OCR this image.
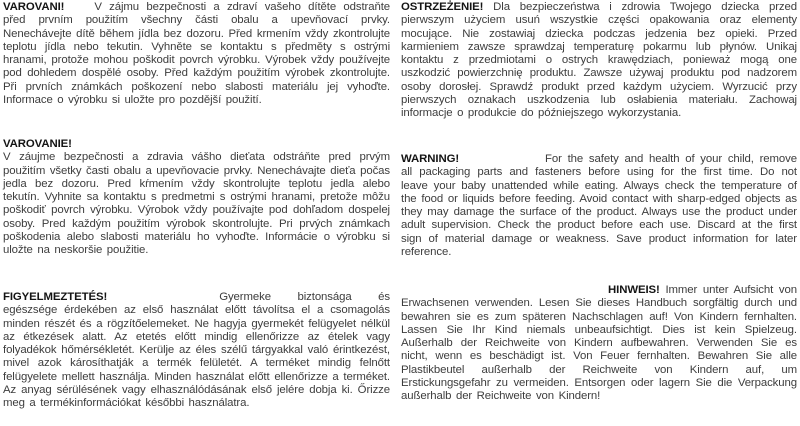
VAROVANI!	V zájmu bezpečnosti a zdraví vašeho dítěte odstraňte před prvním použitím všechny části obalu a upevňovací prvky. Nenechávejte dítě během jídla bez dozoru. Před krmením vždy zkontrolujte teplotu jídla nebo tekutin. Vyhněte se kontaktu s předměty s ostrými hranami, protože mohou poškodit povrch výrobku. Výrobek vždy používejte pod dohledem dospělé osoby. Před každým použitím výrobek zkontrolujte. Při prvních známkách poškození nebo slabosti materiálu jej vyhoďte. Informace o výrobku si uložte pro pozdější použití.

VAROVANIE!
V záujme bezpečnosti a zdravia vášho dieťata odstráňte pred prvým použitím všetky časti obalu a upevňovacie prvky. Nenechávajte dieťa počas jedla bez dozoru. Pred kŕmením vždy skontrolujte teplotu jedla alebo tekutín. Vyhnite sa kontaktu s predmetmi s ostrými hranami, pretože môžu poškodiť povrch výrobku. Výrobok vždy používajte pod dohľadom dospelej osoby. Pred každým použitím výrobok skontrolujte. Pri prvých známkach poškodenia alebo slabosti materiálu ho vyhoďte. Informácie o výrobku si uložte na neskoršie použitie.

FIGYELMEZTETÉS!	Gyermeke biztonsága és egészsége érdekében az első használat előtt távolítsa el a csomagolás minden részét és a rögzítőelemeket. Ne hagyja gyermekét felügyelet nélkül az étkezések alatt. Az etetés előtt mindig ellenőrizze az ételek vagy folyadékok hőmérsékletét. Kerülje az éles szélű tárgyakkal való érintkezést, mivel azok károsíthatják a termék felületét. A terméket mindig felnőtt felügyelete mellett használja. Minden használat előtt ellenőrizze a terméket. Az anyag sérülésének vagy elhasználódásának első jelére dobja ki. Őrizze meg a termékinformációkat későbbi használatra.

OSTRZEŻENIE! Dla bezpieczeństwa i zdrowia Twojego dziecka przed pierwszym użyciem usuń wszystkie części opakowania oraz elementy mocujące. Nie zostawiaj dziecka podczas jedzenia bez opieki. Przed karmieniem zawsze sprawdzaj temperaturę pokarmu lub płynów. Unikaj kontaktu z przedmiotami o ostrych krawędziach, ponieważ mogą one uszkodzić powierzchnię produktu. Zawsze używaj produktu pod nadzorem osoby dorosłej. Sprawdź produkt przed każdym użyciem. Wyrzucić przy pierwszych oznakach uszkodzenia lub osłabienia materiału. Zachowaj informacje o produkcie do późniejszego wykorzystania.

WARNING!	For the safety and health of your child, remove all packaging parts and fasteners before using for the first time. Do not leave your baby unattended while eating. Always check the temperature of the food or liquids before feeding. Avoid contact with sharp-edged objects as they may damage the surface of the product. Always use the product under adult supervision. Check the product before each use. Discard at the first sign of material damage or weakness. Save product information for later reference.

HINWEIS! Immer unter Aufsicht von Erwachsenen verwenden. Lesen Sie dieses Handbuch sorgfältig durch und bewahren sie es zum späteren Nachschlagen auf! Von Kindern fernhalten. Lassen Sie Ihr Kind niemals unbeaufsichtigt. Dies ist kein Spielzeug. Außerhalb der Reichweite von Kindern aufbewahren. Verwenden Sie es nicht, wenn es beschädigt ist. Von Feuer fernhalten. Bewahren Sie alle Plastikbeutel außerhalb der Reichweite von Kindern auf, um Erstickungsgefahr zu vermeiden. Entsorgen oder lagern Sie die Verpackung außerhalb der Reichweite von Kindern!
